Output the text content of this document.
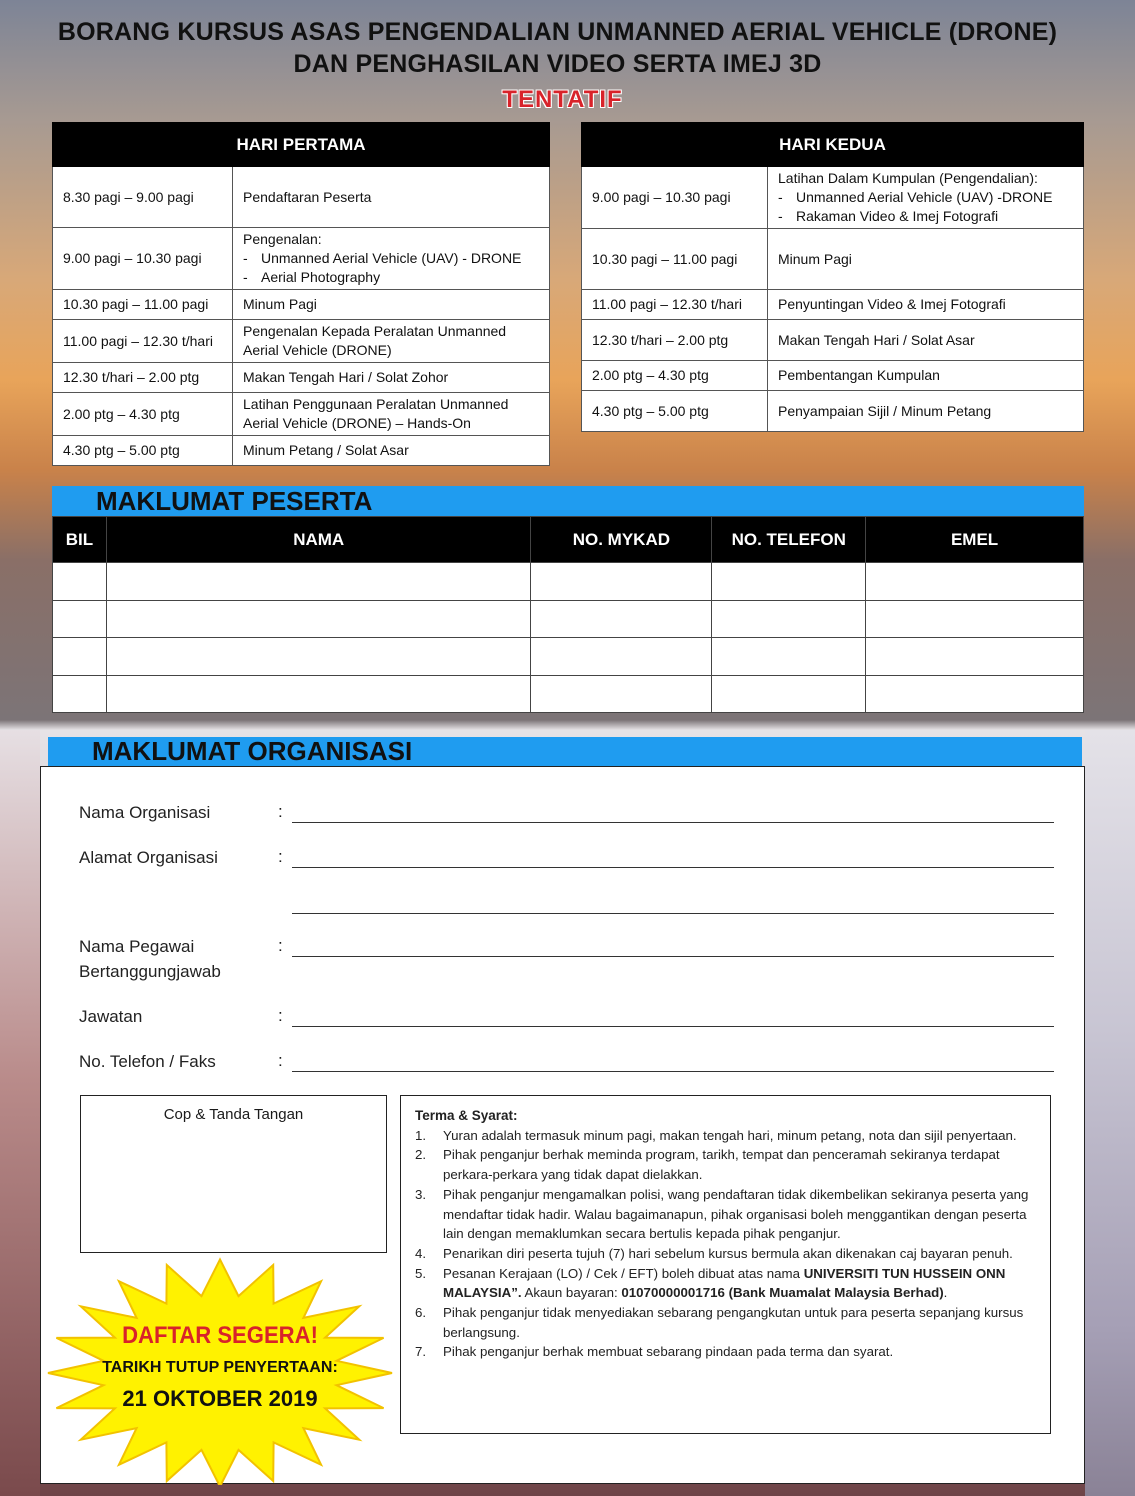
BORANG KURSUS ASAS PENGENDALIAN UNMANNED AERIAL VEHICLE (DRONE)
DAN PENGHASILAN VIDEO SERTA IMEJ 3D
TENTATIF
HARI PERTAMA	
8.30 pagi – 9.00 pagi	Pendaftaran Peserta

9.00 pagi – 10.30 pagi	Pengenalan:
- Unmanned Aerial Vehicle (UAV) - DRONE
- Aerial Photography

10.30 pagi – 11.00 pagi	Minum Pagi

11.00 pagi – 12.30 t/hari	Pengenalan Kepada Peralatan Unmanned Aerial Vehicle (DRONE)

12.30 t/hari – 2.00 ptg	Makan Tengah Hari / Solat Zohor

2.00 ptg – 4.30 ptg	Latihan Penggunaan Peralatan Unmanned Aerial Vehicle (DRONE) – Hands-On

4.30 ptg – 5.00 ptg	Minum Petang / Solat Asar
HARI KEDUA	
9.00 pagi – 10.30 pagi	Latihan Dalam Kumpulan (Pengendalian):
- Unmanned Aerial Vehicle (UAV) -DRONE
- Rakaman Video & Imej Fotografi

10.30 pagi – 11.00 pagi	Minum Pagi

11.00 pagi – 12.30 t/hari	Penyuntingan Video & Imej Fotografi

12.30 t/hari – 2.00 ptg	Makan Tengah Hari / Solat Asar

2.00 ptg – 4.30 ptg	Pembentangan Kumpulan

4.30 ptg – 5.00 ptg	Penyampaian Sijil / Minum Petang
MAKLUMAT PESERTA
BIL	NAMA	NO. MYKAD	NO. TELEFON	EMEL

MAKLUMAT ORGANISASI
Nama Organisasi	:
Alamat Organisasi	:
Nama Pegawai
Bertanggungjawab
:
Jawatan	:
No. Telefon / Faks	:
Cop & Tanda Tangan	Terma & Syarat:
1.	Yuran adalah termasuk minum pagi, makan tengah hari, minum petang, nota dan sijil penyertaan.
2.	Pihak penganjur berhak meminda program, tarikh, tempat dan penceramah sekiranya terdapat perkara-perkara yang tidak dapat dielakkan.
3.	Pihak penganjur mengamalkan polisi, wang pendaftaran tidak dikembelikan sekiranya peserta yang mendaftar tidak hadir. Walau bagaimanapun, pihak organisasi boleh menggantikan dengan peserta lain dengan memaklumkan secara bertulis kepada pihak penganjur.
4.	Penarikan diri peserta tujuh (7) hari sebelum kursus bermula akan dikenakan caj bayaran penuh.
5.	Pesanan Kerajaan (LO) / Cek / EFT) boleh dibuat atas nama UNIVERSITI TUN HUSSEIN ONN MALAYSIA”. Akaun bayaran: 01070000001716 (Bank Muamalat Malaysia Berhad).
6.	Pihak penganjur tidak menyediakan sebarang pengangkutan untuk para peserta sepanjang kursus berlangsung.
7.	Pihak penganjur berhak membuat sebarang pindaan pada terma dan syarat.
DAFTAR SEGERA!
TARIKH TUTUP PENYERTAAN:
21 OKTOBER 2019
